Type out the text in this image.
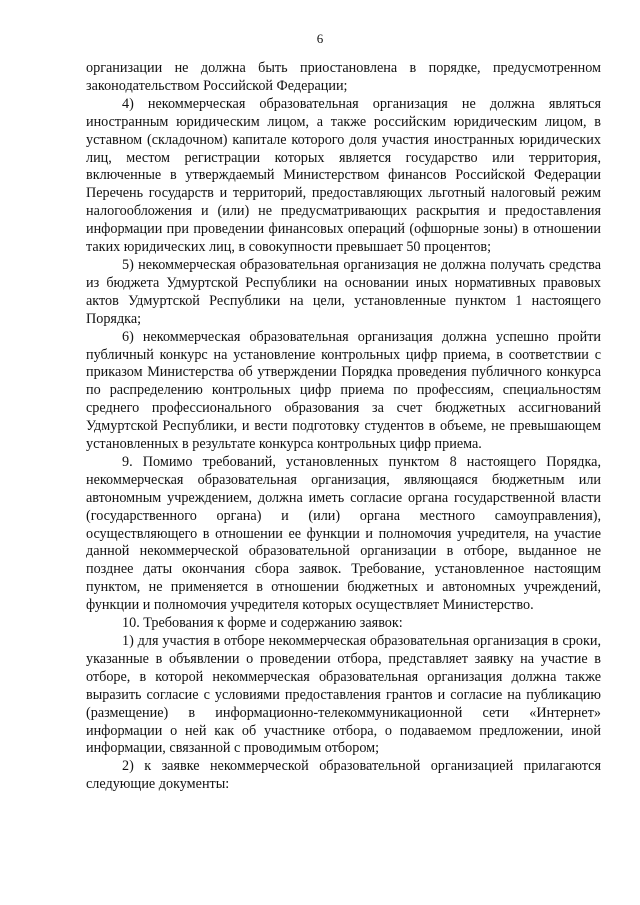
6

организации не должна быть приостановлена в порядке, предусмотренном законодательством Российской Федерации;

4) некоммерческая образовательная организация не должна являться иностранным юридическим лицом, а также российским юридическим лицом, в уставном (складочном) капитале которого доля участия иностранных юридических лиц, местом регистрации которых является государство или территория, включенные в утверждаемый Министерством финансов Российской Федерации Перечень государств и территорий, предоставляющих льготный налоговый режим налогообложения и (или) не предусматривающих раскрытия и предоставления информации при проведении финансовых операций (офшорные зоны) в отношении таких юридических лиц, в совокупности превышает 50 процентов;

5) некоммерческая образовательная организация не должна получать средства из бюджета Удмуртской Республики на основании иных нормативных правовых актов Удмуртской Республики на цели, установленные пунктом 1 настоящего Порядка;

6) некоммерческая образовательная организация должна успешно пройти публичный конкурс на установление контрольных цифр приема, в соответствии с приказом Министерства об утверждении Порядка проведения публичного конкурса по распределению контрольных цифр приема по профессиям, специальностям среднего профессионального образования за счет бюджетных ассигнований Удмуртской Республики, и вести подготовку студентов в объеме, не превышающем установленных в результате конкурса контрольных цифр приема.

9. Помимо требований, установленных пунктом 8 настоящего Порядка, некоммерческая образовательная организация, являющаяся бюджетным или автономным учреждением, должна иметь согласие органа государственной власти (государственного органа) и (или) органа местного самоуправления), осуществляющего в отношении ее функции и полномочия учредителя, на участие данной некоммерческой образовательной организации в отборе, выданное не позднее даты окончания сбора заявок. Требование, установленное настоящим пунктом, не применяется в отношении бюджетных и автономных учреждений, функции и полномочия учредителя которых осуществляет Министерство.

10. Требования к форме и содержанию заявок:

1) для участия в отборе некоммерческая образовательная организация в сроки, указанные в объявлении о проведении отбора, представляет заявку на участие в отборе, в которой некоммерческая образовательная организация должна также выразить согласие с условиями предоставления грантов и согласие на публикацию (размещение) в информационно-телекоммуникационной сети «Интернет» информации о ней как об участнике отбора, о подаваемом предложении, иной информации, связанной с проводимым отбором;

2) к заявке некоммерческой образовательной организацией прилагаются следующие документы:
